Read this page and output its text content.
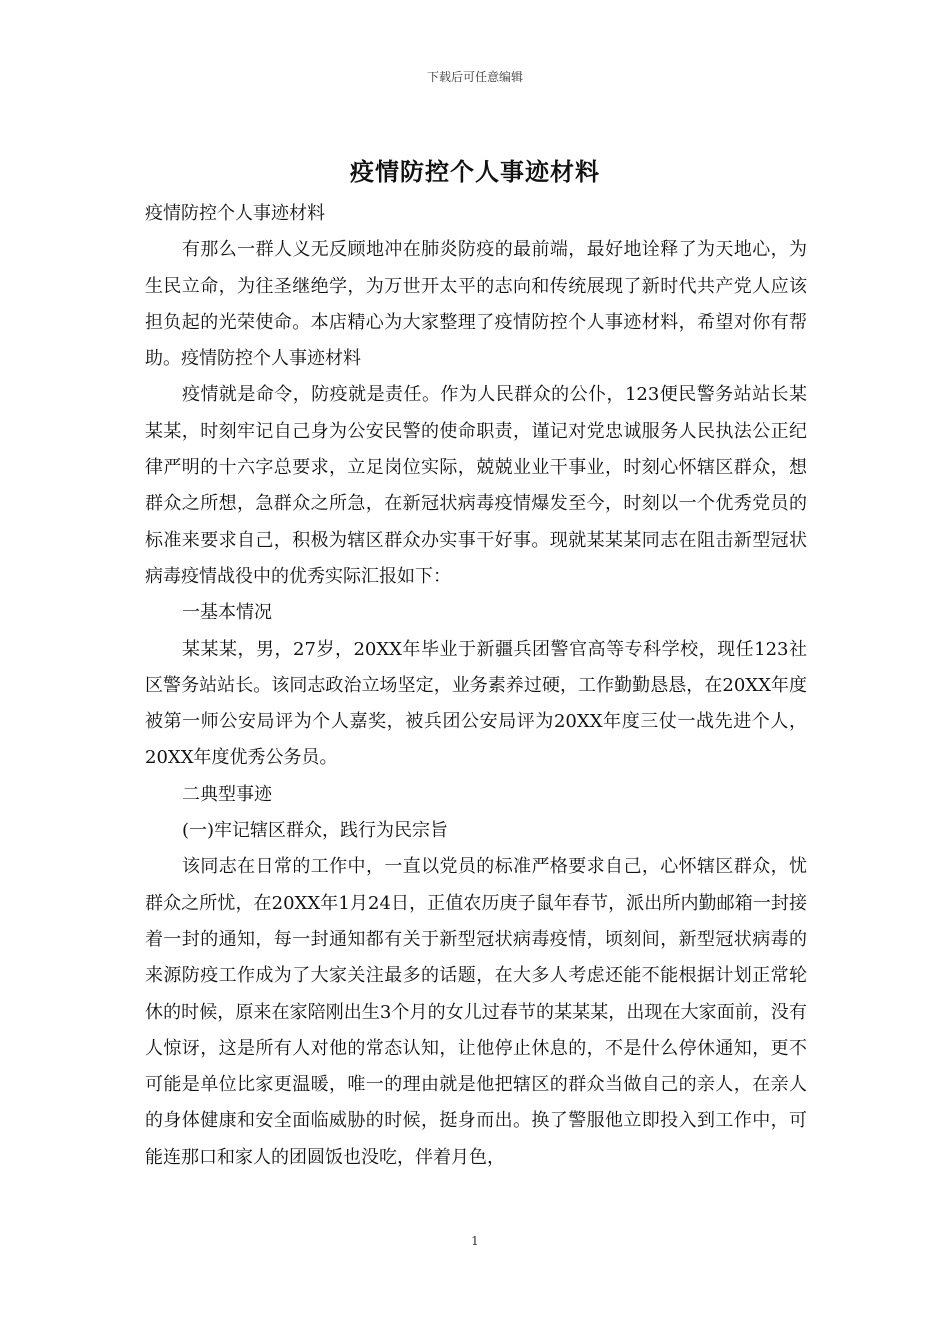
下载后可任意编辑
疫情防控个人事迹材料

疫情防控个人事迹材料

有那么一群人义无反顾地冲在肺炎防疫的最前端，最好地诠释了为天地心，为生民立命，为往圣继绝学，为万世开太平的志向和传统展现了新时代共产党人应该担负起的光荣使命。本店精心为大家整理了疫情防控个人事迹材料，希望对你有帮助。疫情防控个人事迹材料

疫情就是命令，防疫就是责任。作为人民群众的公仆，123便民警务站站长某某某，时刻牢记自己身为公安民警的使命职责，谨记对党忠诚服务人民执法公正纪律严明的十六字总要求，立足岗位实际，兢兢业业干事业，时刻心怀辖区群众，想群众之所想，急群众之所急，在新冠状病毒疫情爆发至今，时刻以一个优秀党员的标准来要求自己，积极为辖区群众办实事干好事。现就某某某同志在阻击新型冠状病毒疫情战役中的优秀实际汇报如下：

一基本情况

某某某，男，27岁，20XX年毕业于新疆兵团警官高等专科学校，现任123社区警务站站长。该同志政治立场坚定，业务素养过硬，工作勤勤恳恳，在20XX年度被第一师公安局评为个人嘉奖，被兵团公安局评为20XX年度三仗一战先进个人，20XX年度优秀公务员。

二典型事迹

(一)牢记辖区群众，践行为民宗旨

该同志在日常的工作中，一直以党员的标准严格要求自己，心怀辖区群众，忧群众之所忧，在20XX年1月24日，正值农历庚子鼠年春节，派出所内勤邮箱一封接着一封的通知，每一封通知都有关于新型冠状病毒疫情，顷刻间，新型冠状病毒的来源防疫工作成为了大家关注最多的话题，在大多人考虑还能不能根据计划正常轮休的时候，原来在家陪刚出生3个月的女儿过春节的某某某，出现在大家面前，没有人惊讶，这是所有人对他的常态认知，让他停止休息的，不是什么停休通知，更不可能是单位比家更温暖，唯一的理由就是他把辖区的群众当做自己的亲人，在亲人的身体健康和安全面临威胁的时候，挺身而出。换了警服他立即投入到工作中，可能连那口和家人的团圆饭也没吃，伴着月色，

1
